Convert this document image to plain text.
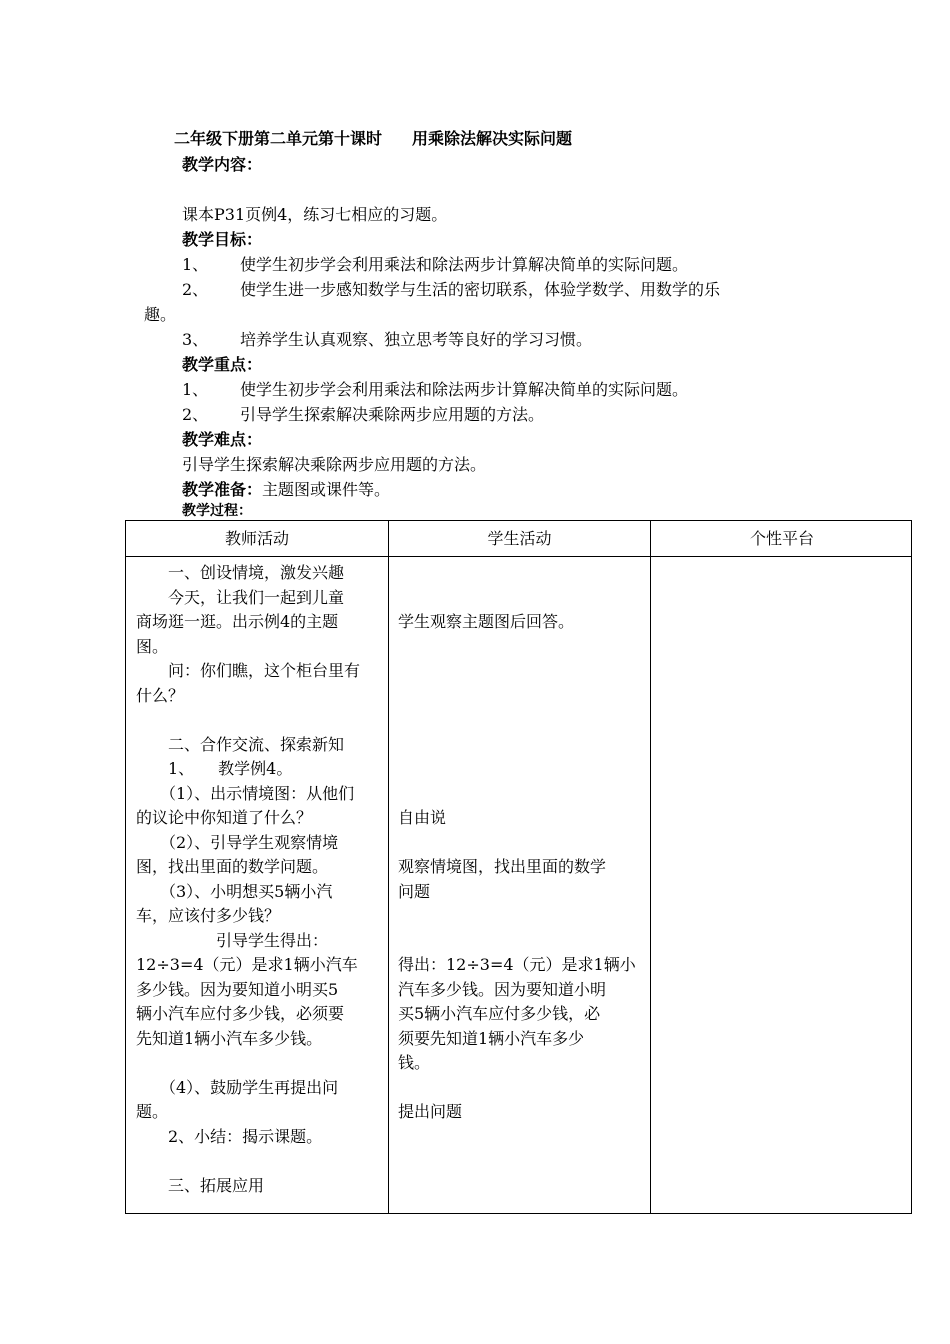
二年级下册第二单元第十课时 用乘除法解决实际问题
教学内容：
课本P31页例4，练习七相应的习题。
教学目标：
1、 使学生初步学会利用乘法和除法两步计算解决简单的实际问题。
2、 使学生进一步感知数学与生活的密切联系，体验学数学、用数学的乐
趣。
3、 培养学生认真观察、独立思考等良好的学习习惯。
教学重点：
1、 使学生初步学会利用乘法和除法两步计算解决简单的实际问题。
2、 引导学生探索解决乘除两步应用题的方法。
教学难点：
引导学生探索解决乘除两步应用题的方法。
教学准备：主题图或课件等。
教学过程：
教师活动	学生活动	个性平台

　　一、创设情境，激发兴趣

　　今天，让我们一起到儿童

商场逛一逛。出示例4的主题

图。

　　问：你们瞧，这个柜台里有

什么？

　　二、合作交流、探索新知

　　1、　　教学例4。

　　（1）、出示情境图：从他们

的议论中你知道了什么？

　　（2）、引导学生观察情境

图，找出里面的数学问题。

　　（3）、小明想买5辆小汽

车，应该付多少钱？

　　　　　引导学生得出：

12÷3=4（元）是求1辆小汽车

多少钱。因为要知道小明买5

辆小汽车应付多少钱，必须要

先知道1辆小汽车多少钱。

　　（4）、鼓励学生再提出问

题。

　　2、小结：揭示课题。

　　三、拓展应用

学生观察主题图后回答。

自由说

观察情境图，找出里面的数学

问题

得出：12÷3=4（元）是求1辆小

汽车多少钱。因为要知道小明

买5辆小汽车应付多少钱，必

须要先知道1辆小汽车多少

钱。

提出问题
